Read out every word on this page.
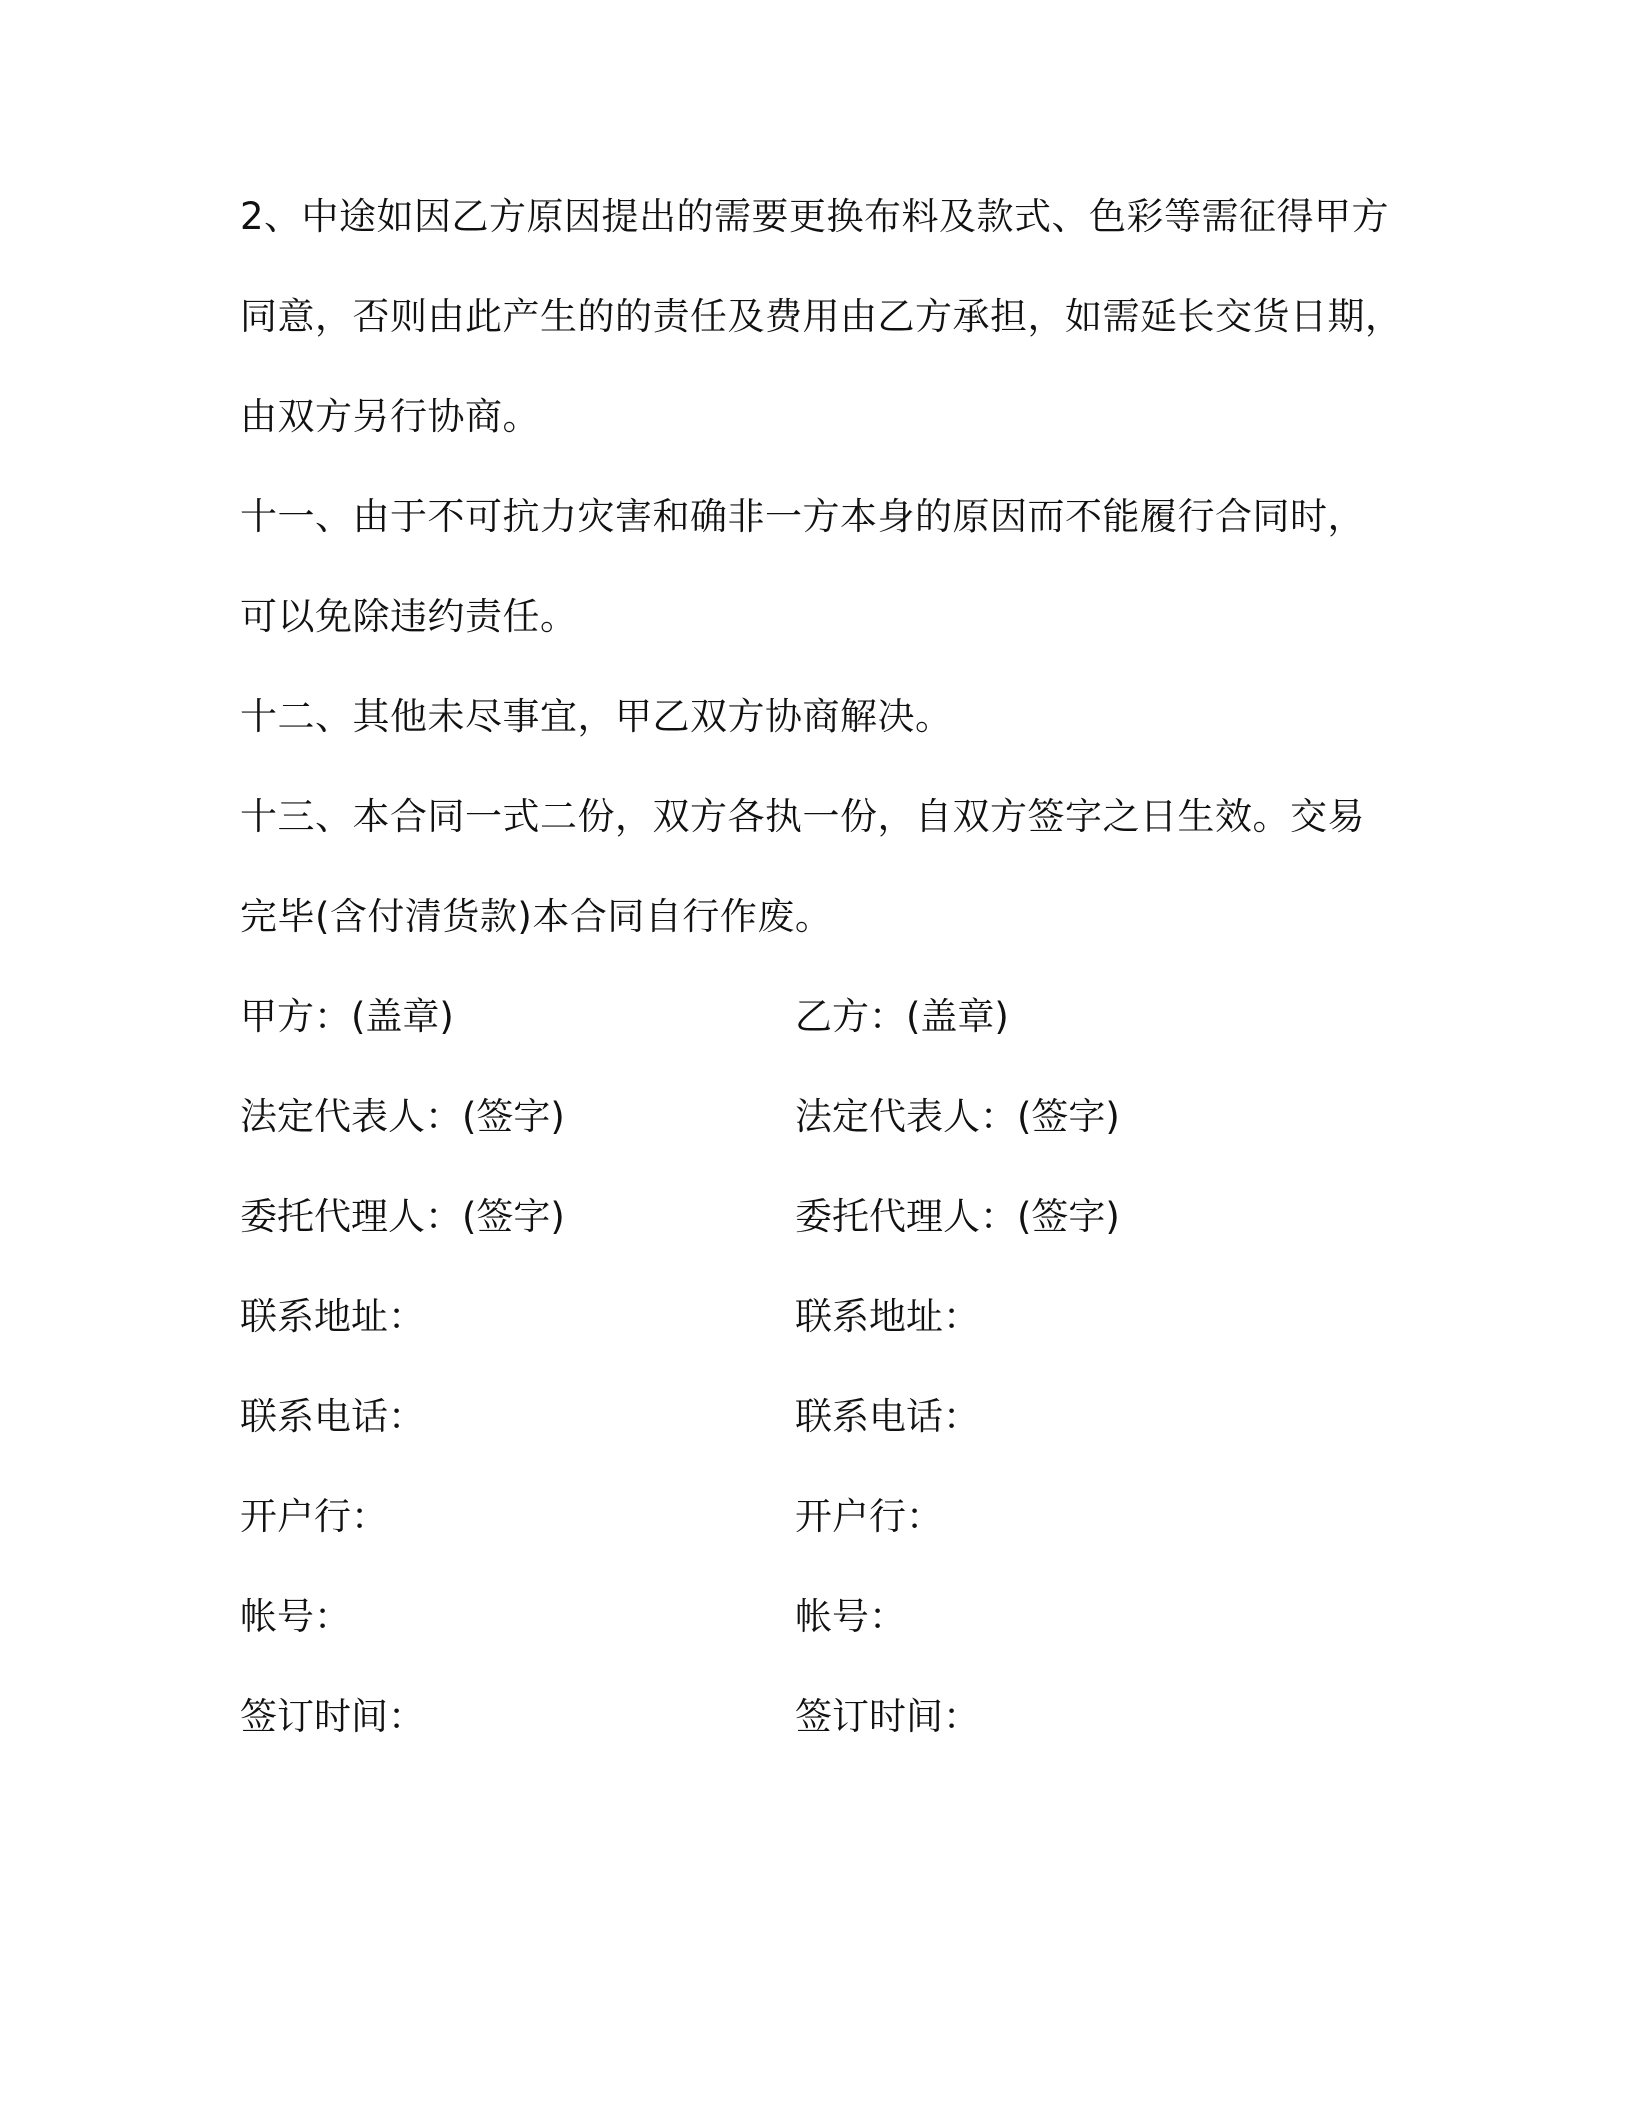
2、中途如因乙方原因提出的需要更换布料及款式、色彩等需征得甲方
同意，否则由此产生的的责任及费用由乙方承担，如需延长交货日期，
由双方另行协商。
十一、由于不可抗力灾害和确非一方本身的原因而不能履行合同时，
可以免除违约责任。
十二、其他未尽事宜，甲乙双方协商解决。
十三、本合同一式二份，双方各执一份，自双方签字之日生效。交易
完毕(含付清货款)本合同自行作废。
甲方：(盖章)	乙方：(盖章)
法定代表人：(签字)	法定代表人：(签字)
委托代理人：(签字)	委托代理人：(签字)
联系地址：	联系地址：
联系电话：	联系电话：
开户行：	开户行：
帐号：	帐号：
签订时间：	签订时间：
